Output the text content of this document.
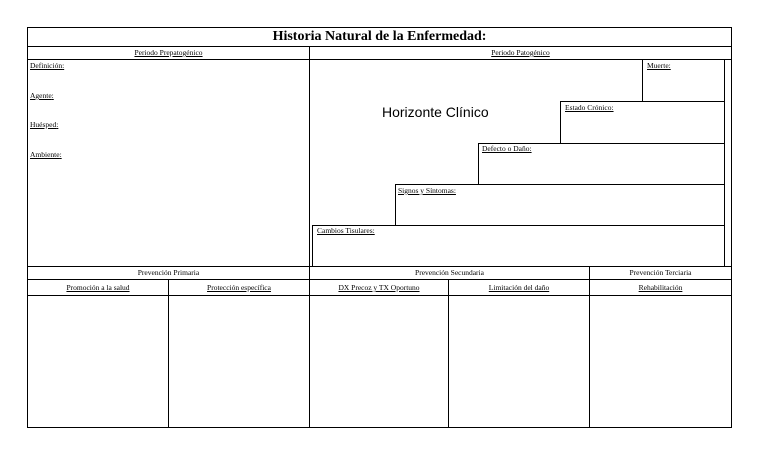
Historia Natural de la Enfermedad:
Periodo Prepatogénico	Periodo Patogénico
Definición:
Agente:
Huésped:
Ambiente:
Muerte:
Estado Crónico:
Defecto o Daño:
Signos y Síntomas:
Cambios Tisulares:
Horizonte Clínico
Prevención Primaria	Prevención Secundaria	Prevención Terciaria
Promoción a la salud	Protección específica	DX Precoz y TX Oportuno	Limitación del daño	Rehabilitación
